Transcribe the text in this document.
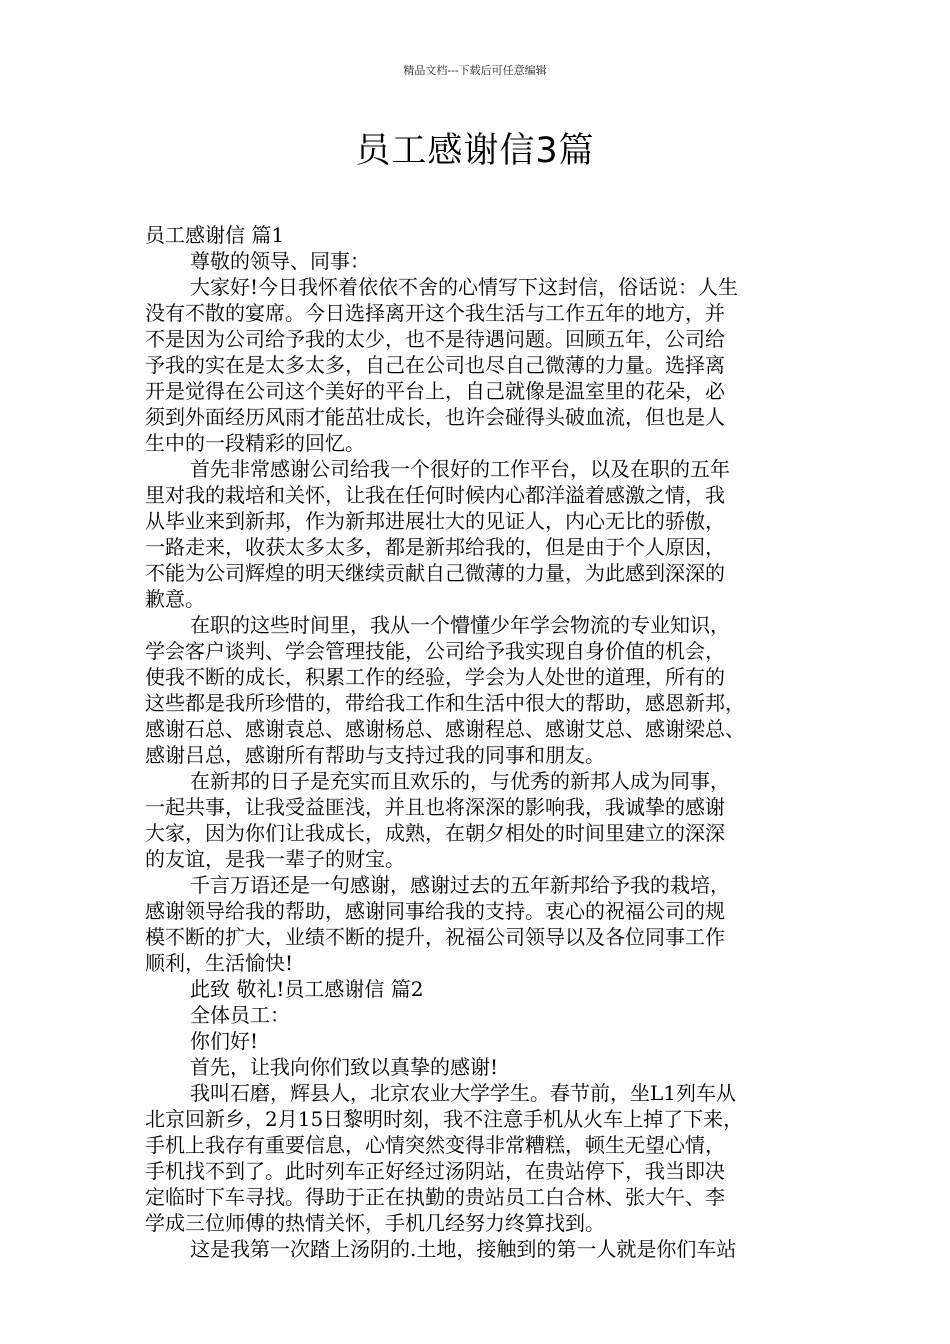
精品文档---下载后可任意编辑
员工感谢信3篇
员工感谢信 篇1
尊敬的领导、同事：
大家好!今日我怀着依依不舍的心情写下这封信，俗话说：人生
没有不散的宴席。今日选择离开这个我生活与工作五年的地方，并
不是因为公司给予我的太少，也不是待遇问题。回顾五年，公司给
予我的实在是太多太多，自己在公司也尽自己微薄的力量。选择离
开是觉得在公司这个美好的平台上，自己就像是温室里的花朵，必
须到外面经历风雨才能茁壮成长，也许会碰得头破血流，但也是人
生中的一段精彩的回忆。
首先非常感谢公司给我一个很好的工作平台，以及在职的五年
里对我的栽培和关怀，让我在任何时候内心都洋溢着感激之情，我
从毕业来到新邦，作为新邦进展壮大的见证人，内心无比的骄傲，
一路走来，收获太多太多，都是新邦给我的，但是由于个人原因，
不能为公司辉煌的明天继续贡献自己微薄的力量，为此感到深深的
歉意。
在职的这些时间里，我从一个懵懂少年学会物流的专业知识，
学会客户谈判、学会管理技能，公司给予我实现自身价值的机会，
使我不断的成长，积累工作的经验，学会为人处世的道理，所有的
这些都是我所珍惜的，带给我工作和生活中很大的帮助，感恩新邦，
感谢石总、感谢袁总、感谢杨总、感谢程总、感谢艾总、感谢梁总、
感谢吕总，感谢所有帮助与支持过我的同事和朋友。
在新邦的日子是充实而且欢乐的，与优秀的新邦人成为同事，
一起共事，让我受益匪浅，并且也将深深的影响我，我诚挚的感谢
大家，因为你们让我成长，成熟，在朝夕相处的时间里建立的深深
的友谊，是我一辈子的财宝。
千言万语还是一句感谢，感谢过去的五年新邦给予我的栽培，
感谢领导给我的帮助，感谢同事给我的支持。衷心的祝福公司的规
模不断的扩大，业绩不断的提升，祝福公司领导以及各位同事工作
顺利，生活愉快!
此致 敬礼!员工感谢信 篇2
全体员工：
你们好!
首先，让我向你们致以真挚的感谢!
我叫石磨，辉县人，北京农业大学学生。春节前，坐L1列车从
北京回新乡，2月15日黎明时刻，我不注意手机从火车上掉了下来，
手机上我存有重要信息，心情突然变得非常糟糕，顿生无望心情，
手机找不到了。此时列车正好经过汤阴站，在贵站停下，我当即决
定临时下车寻找。得助于正在执勤的贵站员工白合林、张大午、李
学成三位师傅的热情关怀，手机几经努力终算找到。
这是我第一次踏上汤阴的.土地，接触到的第一人就是你们车站
